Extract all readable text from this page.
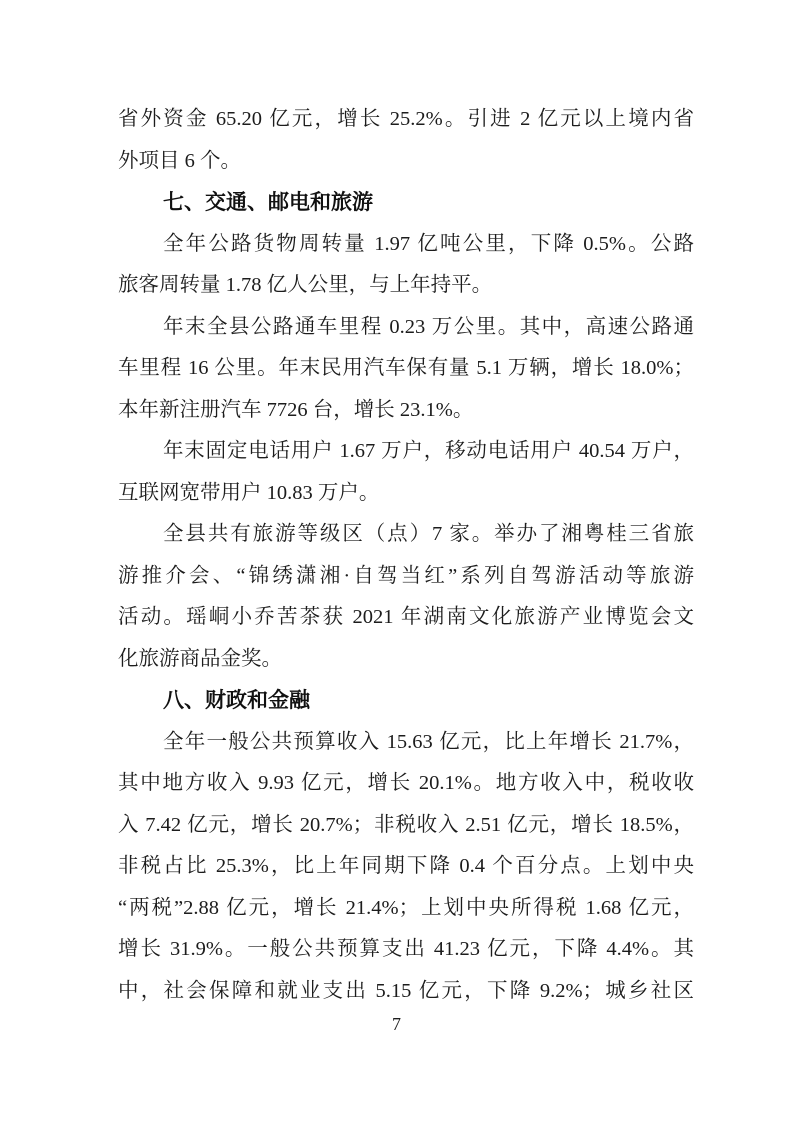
省外资金 65.20 亿元，增长 25.2%。引进 2 亿元以上境内省
外项目 6 个。
七、交通、邮电和旅游
全年公路货物周转量 1.97 亿吨公里，下降 0.5%。公路
旅客周转量 1.78 亿人公里，与上年持平。
年末全县公路通车里程 0.23 万公里。其中，高速公路通
车里程 16 公里。年末民用汽车保有量 5.1 万辆，增长 18.0%；
本年新注册汽车 7726 台，增长 23.1%。
年末固定电话用户 1.67 万户，移动电话用户 40.54 万户，
互联网宽带用户 10.83 万户。
全县共有旅游等级区（点）7 家。举办了湘粤桂三省旅
游推介会、“锦绣潇湘·自驾当红”系列自驾游活动等旅游
活动。瑶峒小乔苦茶获 2021 年湖南文化旅游产业博览会文
化旅游商品金奖。
八、财政和金融
全年一般公共预算收入 15.63 亿元，比上年增长 21.7%，
其中地方收入 9.93 亿元，增长 20.1%。地方收入中，税收收
入 7.42 亿元，增长 20.7%；非税收入 2.51 亿元，增长 18.5%，
非税占比 25.3%，比上年同期下降 0.4 个百分点。上划中央
“两税”2.88 亿元，增长 21.4%；上划中央所得税 1.68 亿元，
增长 31.9%。一般公共预算支出 41.23 亿元，下降 4.4%。其
中，社会保障和就业支出 5.15 亿元，下降 9.2%；城乡社区
7
